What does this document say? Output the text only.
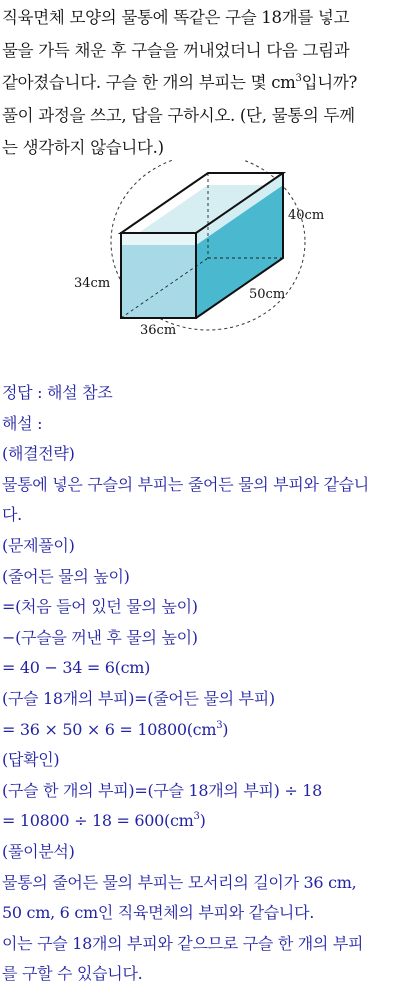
직육면체 모양의 물통에 똑같은 구슬 18개를 넣고
물을 가득 채운 후 구슬을 꺼내었더니 다음 그림과
같아졌습니다. 구슬 한 개의 부피는 몇 $cm^3$입니까?
풀이 과정을 쓰고, 답을 구하시오. (단, 물통의 두께
는 생각하지 않습니다.)
40cm
34cm
50cm
36cm
정답 : 해설 참조
해설 :
(해결전략)
물통에 넣은 구슬의 부피는 줄어든 물의 부피와 같습니
다.
(문제풀이)
(줄어든 물의 높이)
=(처음 들어 있던 물의 높이)
−(구슬을 꺼낸 후 물의 높이)
= 40 − 34 = 6(cm)
(구슬 18개의 부피)=(줄어든 물의 부피)
= $36 \times 50 \times 6 = 10800(cm^3)$
(답확인)
(구슬 한 개의 부피)=(구슬 18개의 부피) ÷ 18
= $10800 \div 18 = 600(cm^3)$
(풀이분석)
물통의 줄어든 물의 부피는 모서리의 길이가 36 cm,
50 cm, 6 cm인 직육면체의 부피와 같습니다.
이는 구슬 18개의 부피와 같으므로 구슬 한 개의 부피
를 구할 수 있습니다.
